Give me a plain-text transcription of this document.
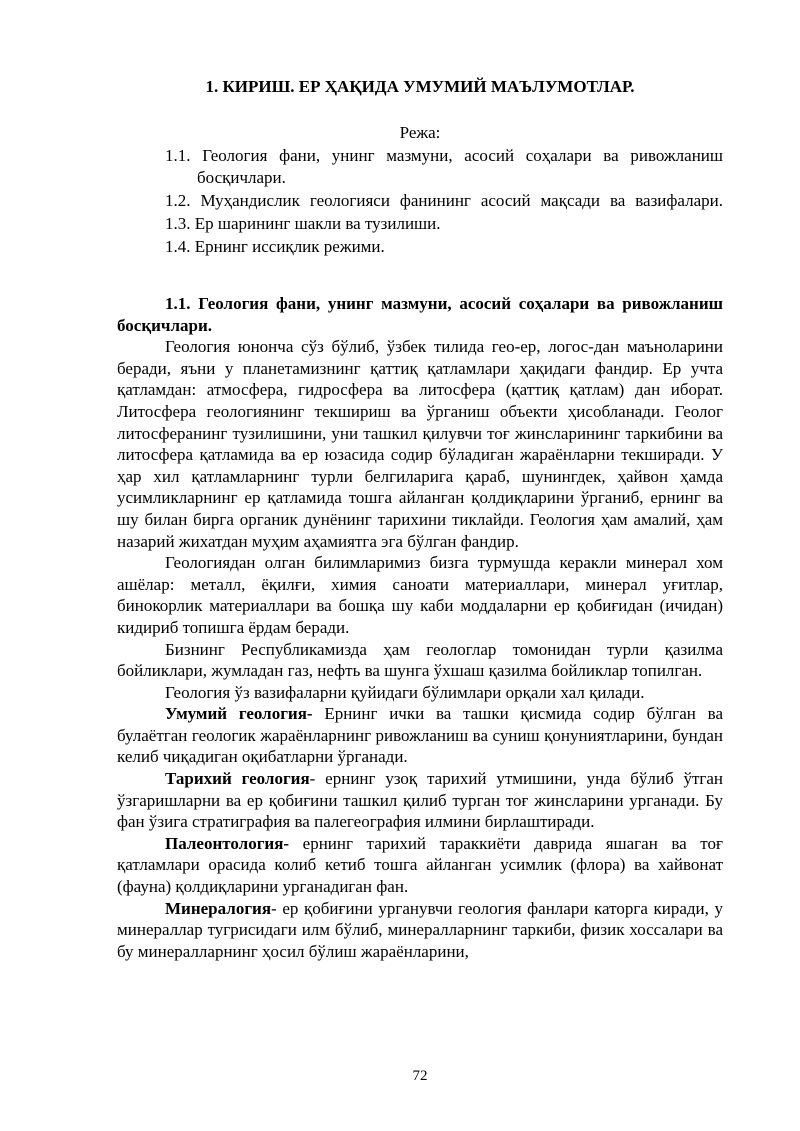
1. КИРИШ. ЕР ҲАҚИДА УМУМИЙ МАЪЛУМОТЛАР.

Режа:

1.1. Геология фани, унинг мазмуни, асосий соҳалари ва ривожланиш босқичлари.
1.2. Муҳандислик геологияси фанининг асосий мақсади ва вазифалари.
1.3. Ер шарининг шакли ва тузилиши.
1.4. Ернинг иссиқлик режими.

1.1. Геология фани, унинг мазмуни, асосий соҳалари ва ривожланиш босқичлари.

Геология юнонча сўз бўлиб, ўзбек тилида гео-ер, логос-дан маъноларини беради, яъни у планетамизнинг қаттиқ қатламлари ҳақидаги фандир. Ер учта қатламдан: атмосфера, гидросфера ва литосфера (қаттиқ қатлам) дан иборат. Литосфера геологиянинг текшириш ва ўрганиш объекти ҳисобланади. Геолог литосферанинг тузилишини, уни ташкил қилувчи тоғ жинсларининг таркибини ва литосфера қатламида ва ер юзасида содир бўладиган жараёнларни текширади. У ҳар хил қатламларнинг турли белгиларига қараб, шунингдек, ҳайвон ҳамда усимликларнинг ер қатламида тошга айланган қолдиқларини ўрганиб, ернинг ва шу билан бирга органик дунёнинг тарихини тиклайди. Геология ҳам амалий, ҳам назарий жихатдан муҳим аҳамиятга эга бўлган фандир.

Геологиядан олган билимларимиз бизга турмушда керакли минерал хом ашёлар: металл, ёқилғи, химия саноати материаллари, минерал уғитлар, бинокорлик материаллари ва бошқа шу каби моддаларни ер қобиғидан (ичидан) кидириб топишга ёрдам беради.

Бизнинг Республикамизда ҳам геологлар томонидан турли қазилма бойликлари, жумладан газ, нефть ва шунга ўхшаш қазилма бойликлар топилган.

Геология ўз вазифаларни қуйидаги бўлимлари орқали хал қилади.

Умумий геология- Ернинг ички ва ташки қисмида содир бўлган ва булаётган геологик жараёнларнинг ривожланиш ва суниш қонуниятларини, бундан келиб чиқадиган оқибатларни ўрганади.

Тарихий геология- ернинг узоқ тарихий утмишини, унда бўлиб ўтган ўзгаришларни ва ер қобиғини ташкил қилиб турган тоғ жинсларини урганади. Бу фан ўзига стратиграфия ва палегеография илмини бирлаштиради.

Палеонтология- ернинг тарихий тараккиёти даврида яшаган ва тоғ қатламлари орасида колиб кетиб тошга айланган усимлик (флора) ва хайвонат (фауна) қолдиқларини урганадиган фан.

Минералогия- ер қобиғини урганувчи геология фанлари каторга киради, у минераллар тугрисидаги илм бўлиб, минералларнинг таркиби, физик хоссалари ва бу минералларнинг ҳосил бўлиш жараёнларини,

72
